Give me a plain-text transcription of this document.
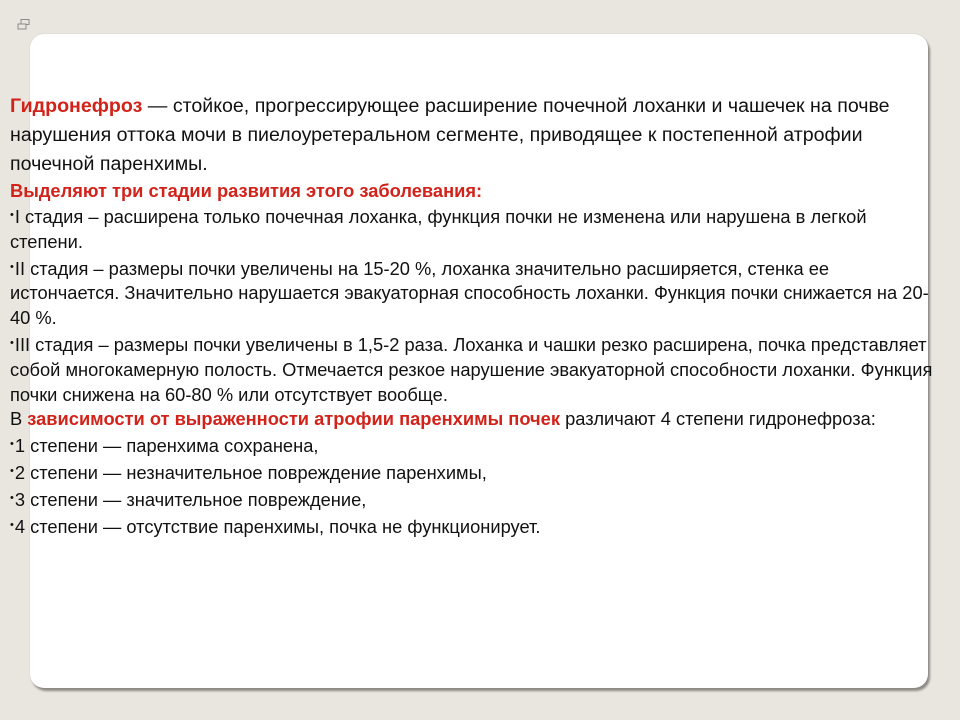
Гидронефроз — стойкое, прогрессирующее расширение почечной лоханки и чашечек на почве нарушения оттока мочи в пиелоуретеральном сегменте, приводящее к постепенной атрофии почечной паренхимы.

Выделяют три стадии развития этого заболевания:

•I стадия – расширена только почечная лоханка, функция почки не изменена или нарушена в легкой степени.

•II стадия – размеры почки увеличены на 15-20 %, лоханка значительно расширяется, стенка ее истончается. Значительно нарушается эвакуаторная способность лоханки. Функция почки снижается на 20-40 %.

•III стадия – размеры почки увеличены в 1,5-2 раза. Лоханка и чашки резко расширена, почка представляет собой многокамерную полость. Отмечается резкое нарушение эвакуаторной способности лоханки. Функция почки снижена на 60-80 % или отсутствует вообще.

В зависимости от выраженности атрофии паренхимы почек различают 4 степени гидронефроза:

•1 степени — паренхима сохранена,

•2 степени — незначительное повреждение паренхимы,

•3 степени — значительное повреждение,

•4 степени — отсутствие паренхимы, почка не функционирует.
